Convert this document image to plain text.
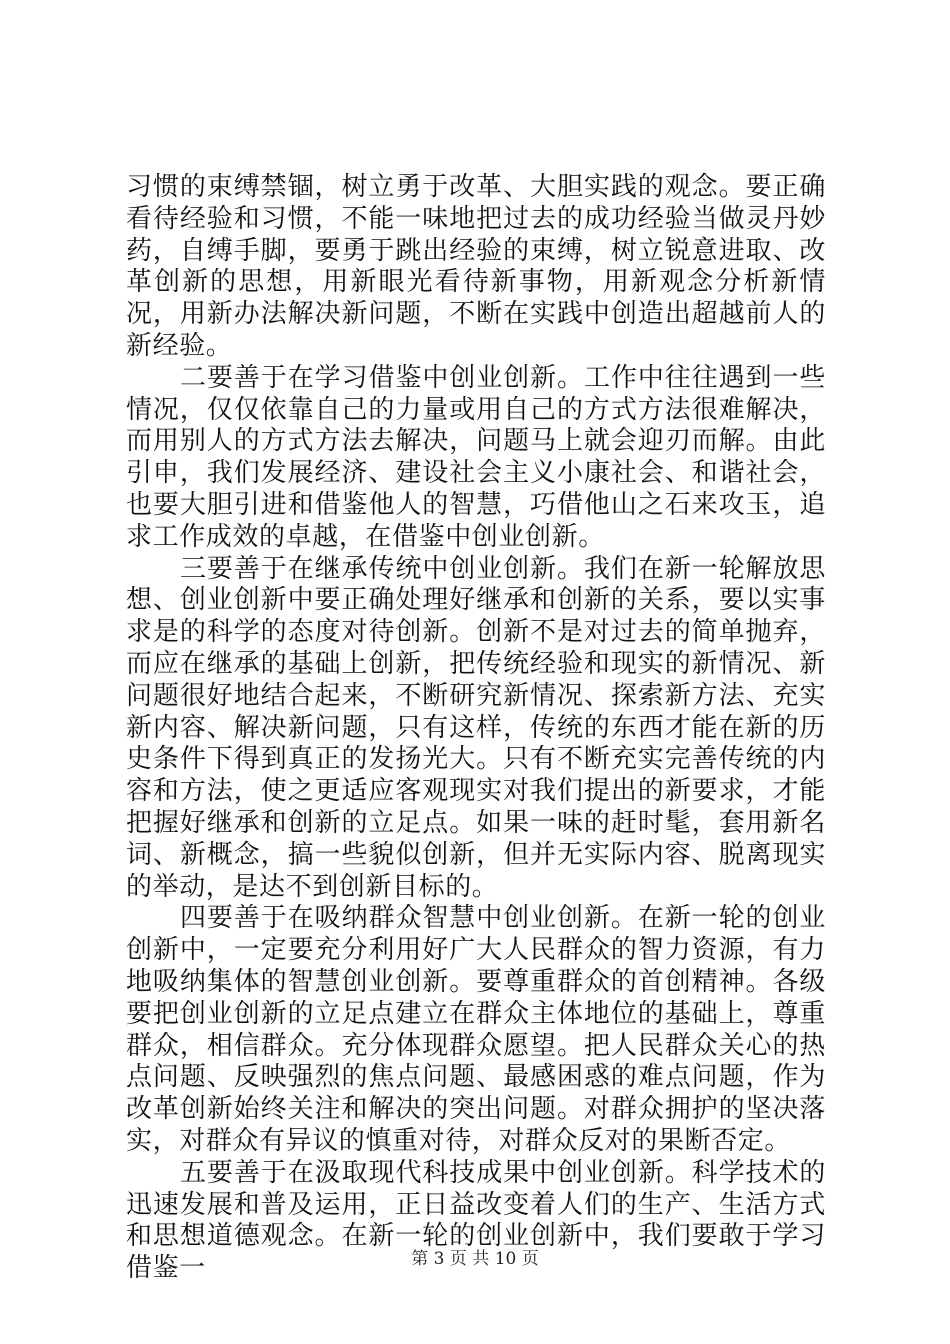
习惯的束缚禁锢，树立勇于改革、大胆实践的观念。要正确看待经验和习惯，不能一味地把过去的成功经验当做灵丹妙药，自缚手脚，要勇于跳出经验的束缚，树立锐意进取、改革创新的思想，用新眼光看待新事物，用新观念分析新情况，用新办法解决新问题，不断在实践中创造出超越前人的新经验。

二要善于在学习借鉴中创业创新。工作中往往遇到一些情况，仅仅依靠自己的力量或用自己的方式方法很难解决，而用别人的方式方法去解决，问题马上就会迎刃而解。由此引申，我们发展经济、建设社会主义小康社会、和谐社会，也要大胆引进和借鉴他人的智慧，巧借他山之石来攻玉，追求工作成效的卓越，在借鉴中创业创新。

三要善于在继承传统中创业创新。我们在新一轮解放思想、创业创新中要正确处理好继承和创新的关系，要以实事求是的科学的态度对待创新。创新不是对过去的简单抛弃，而应在继承的基础上创新，把传统经验和现实的新情况、新问题很好地结合起来，不断研究新情况、探索新方法、充实新内容、解决新问题，只有这样，传统的东西才能在新的历史条件下得到真正的发扬光大。只有不断充实完善传统的内容和方法，使之更适应客观现实对我们提出的新要求，才能把握好继承和创新的立足点。如果一味的赶时髦，套用新名词、新概念，搞一些貌似创新，但并无实际内容、脱离现实的举动，是达不到创新目标的。

四要善于在吸纳群众智慧中创业创新。在新一轮的创业创新中，一定要充分利用好广大人民群众的智力资源，有力地吸纳集体的智慧创业创新。要尊重群众的首创精神。各级要把创业创新的立足点建立在群众主体地位的基础上，尊重群众，相信群众。充分体现群众愿望。把人民群众关心的热点问题、反映强烈的焦点问题、最感困惑的难点问题，作为改革创新始终关注和解决的突出问题。对群众拥护的坚决落实，对群众有异议的慎重对待，对群众反对的果断否定。

五要善于在汲取现代科技成果中创业创新。科学技术的迅速发展和普及运用，正日益改变着人们的生产、生活方式和思想道德观念。在新一轮的创业创新中，我们要敢于学习借鉴一	第 3 页 共 10 页
